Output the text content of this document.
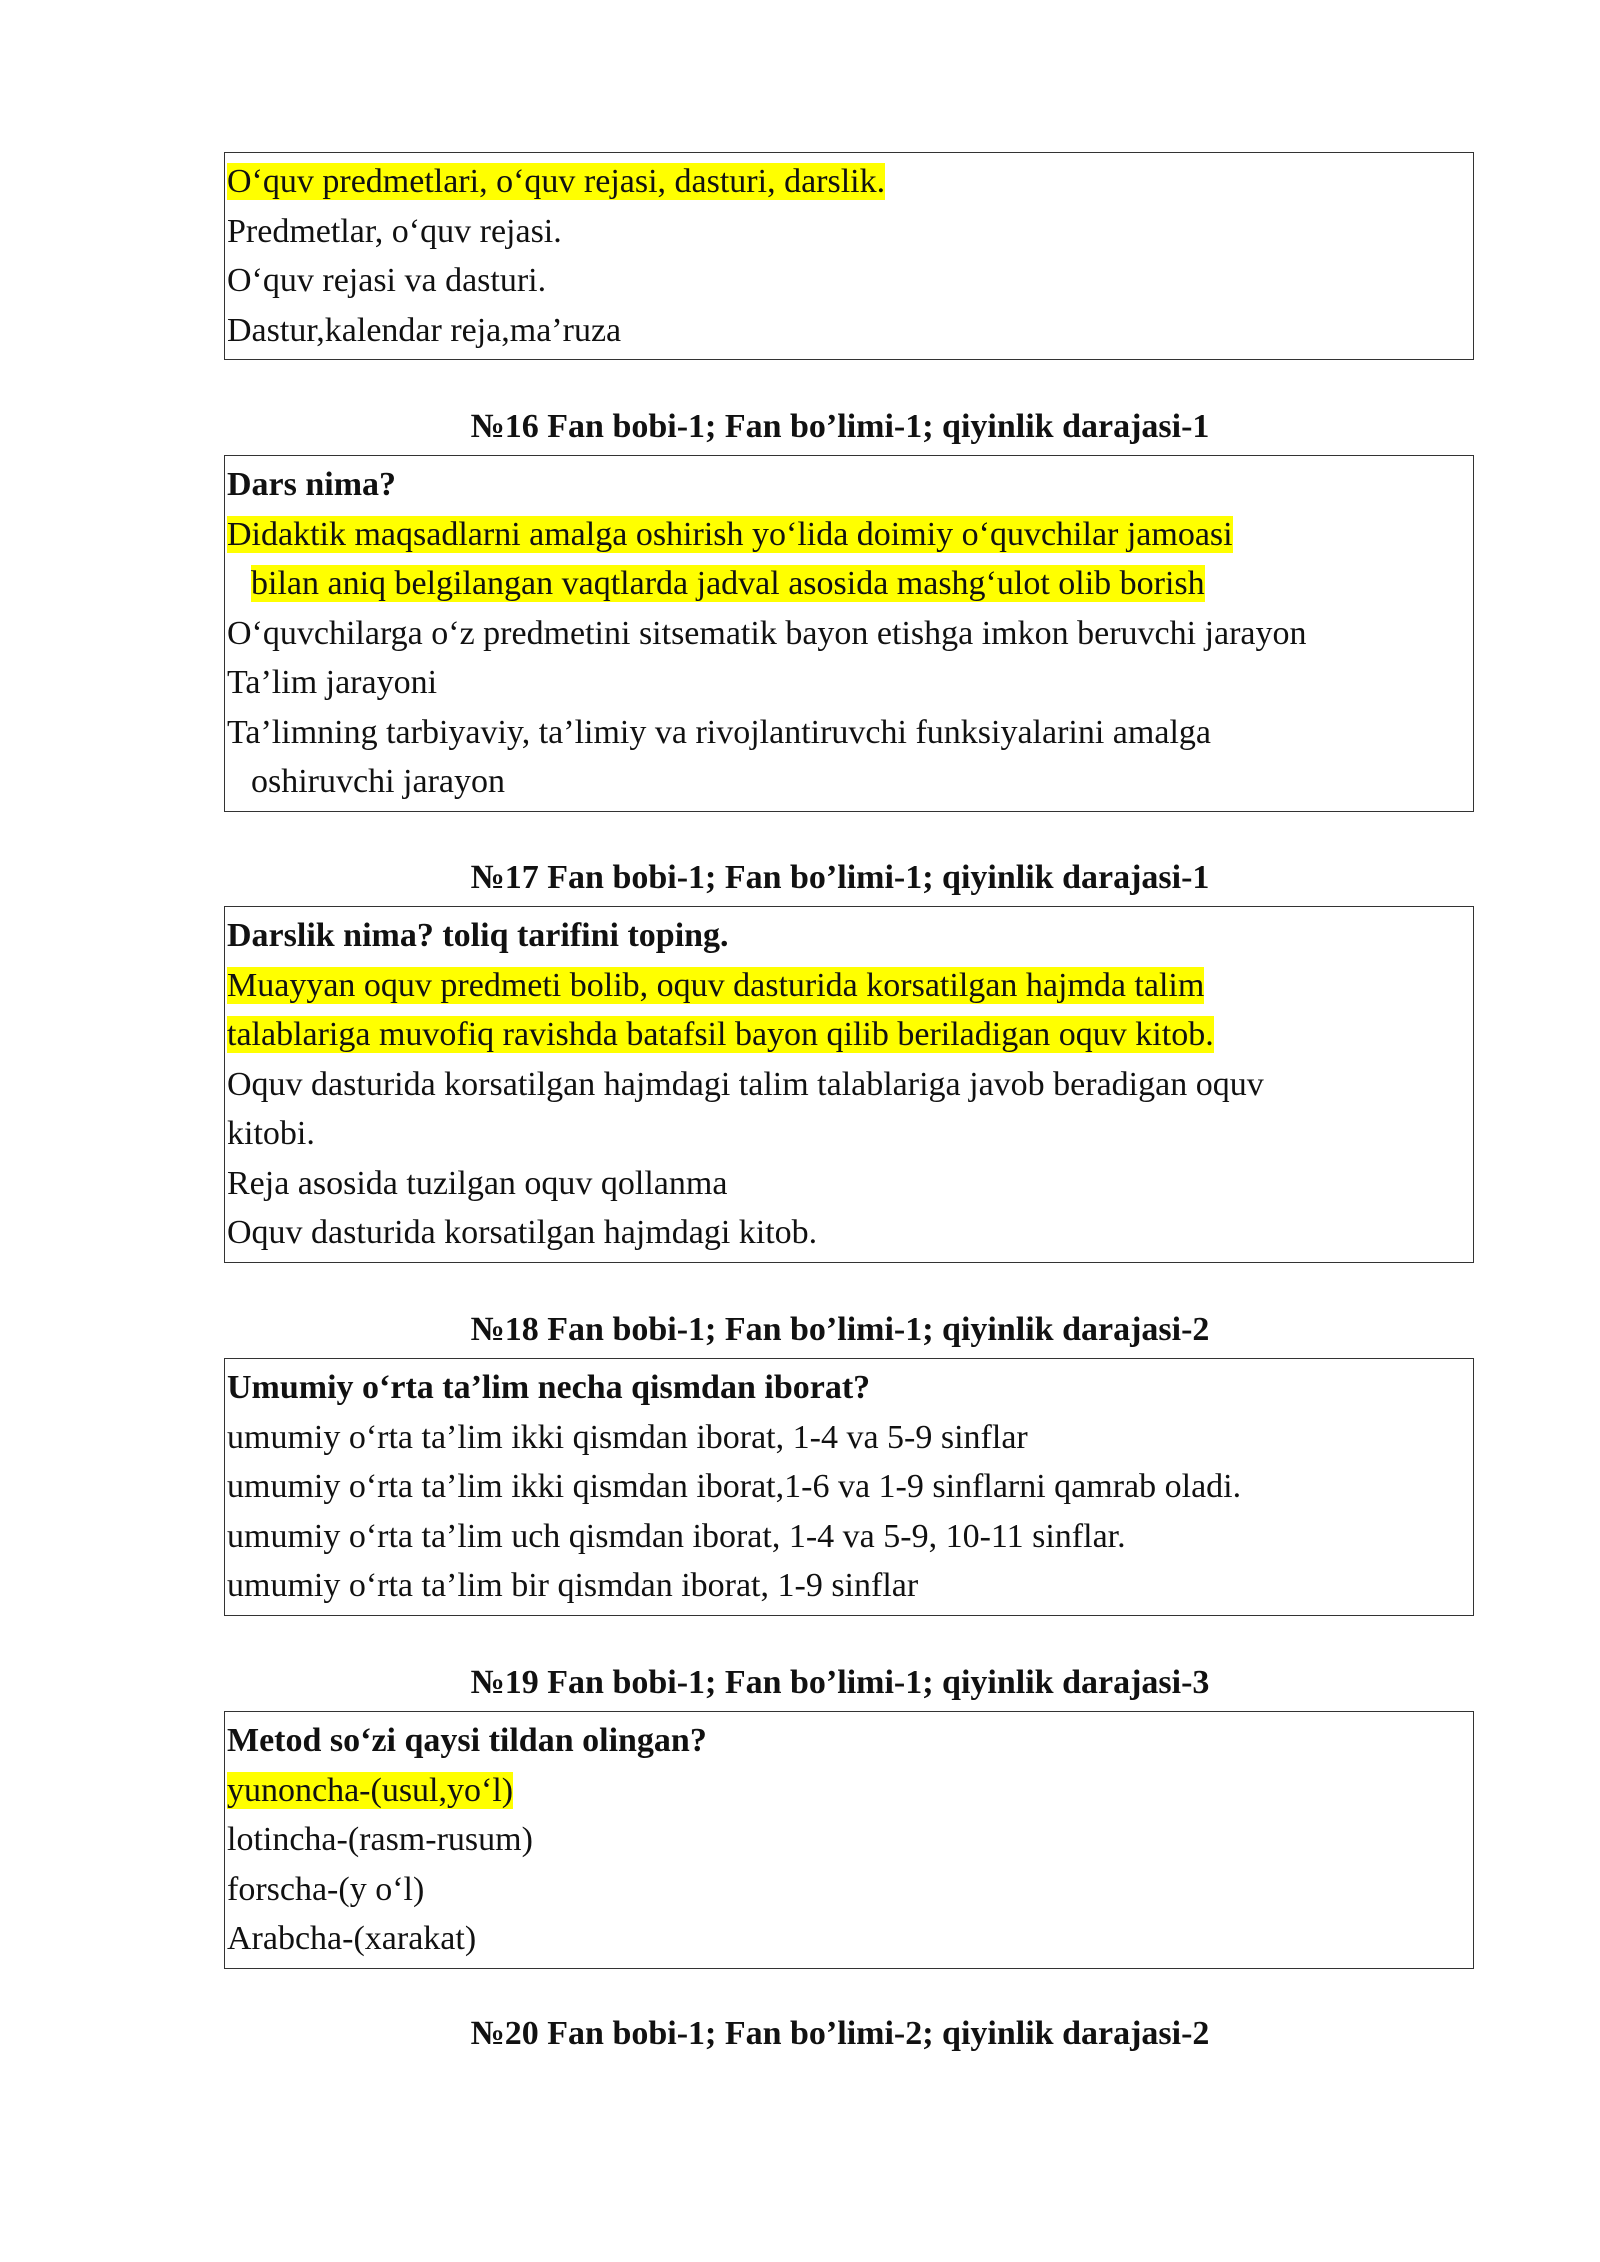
O‘quv predmetlari, o‘quv rejasi, dasturi, darslik.
Predmetlar, o‘quv rejasi.
O‘quv rejasi va dasturi.
Dastur,kalendar reja,ma’ruza
№16 Fan bobi-1; Fan bo’limi-1; qiyinlik darajasi-1
Dars nima?
Didaktik maqsadlarni amalga oshirish yo‘lida doimiy o‘quvchilar jamoasi
bilan aniq belgilangan vaqtlarda jadval asosida mashg‘ulot olib borish
O‘quvchilarga o‘z predmetini sitsematik bayon etishga imkon beruvchi jarayon
Ta’lim jarayoni
Ta’limning tarbiyaviy, ta’limiy va rivojlantiruvchi funksiyalarini amalga
oshiruvchi jarayon
№17 Fan bobi-1; Fan bo’limi-1; qiyinlik darajasi-1
Darslik nima? toliq tarifini toping.
Muayyan oquv predmeti bolib, oquv dasturida korsatilgan hajmda talim
talablariga muvofiq ravishda batafsil bayon qilib beriladigan oquv kitob.
Oquv dasturida korsatilgan hajmdagi talim talablariga javob beradigan oquv
kitobi.
Reja asosida tuzilgan oquv qollanma
Oquv dasturida korsatilgan hajmdagi kitob.
№18 Fan bobi-1; Fan bo’limi-1; qiyinlik darajasi-2
Umumiy o‘rta ta’lim necha qismdan iborat?
umumiy o‘rta ta’lim ikki qismdan iborat, 1-4 va 5-9 sinflar
umumiy o‘rta ta’lim ikki qismdan iborat,1-6 va 1-9 sinflarni qamrab oladi.
umumiy o‘rta ta’lim uch qismdan iborat, 1-4 va 5-9, 10-11 sinflar.
umumiy o‘rta ta’lim bir qismdan iborat, 1-9 sinflar
№19 Fan bobi-1; Fan bo’limi-1; qiyinlik darajasi-3
Metod so‘zi qaysi tildan olingan?
yunoncha-(usul,yo‘l)
lotincha-(rasm-rusum)
forscha-(y o‘l)
Arabcha-(xarakat)
№20 Fan bobi-1; Fan bo’limi-2; qiyinlik darajasi-2
